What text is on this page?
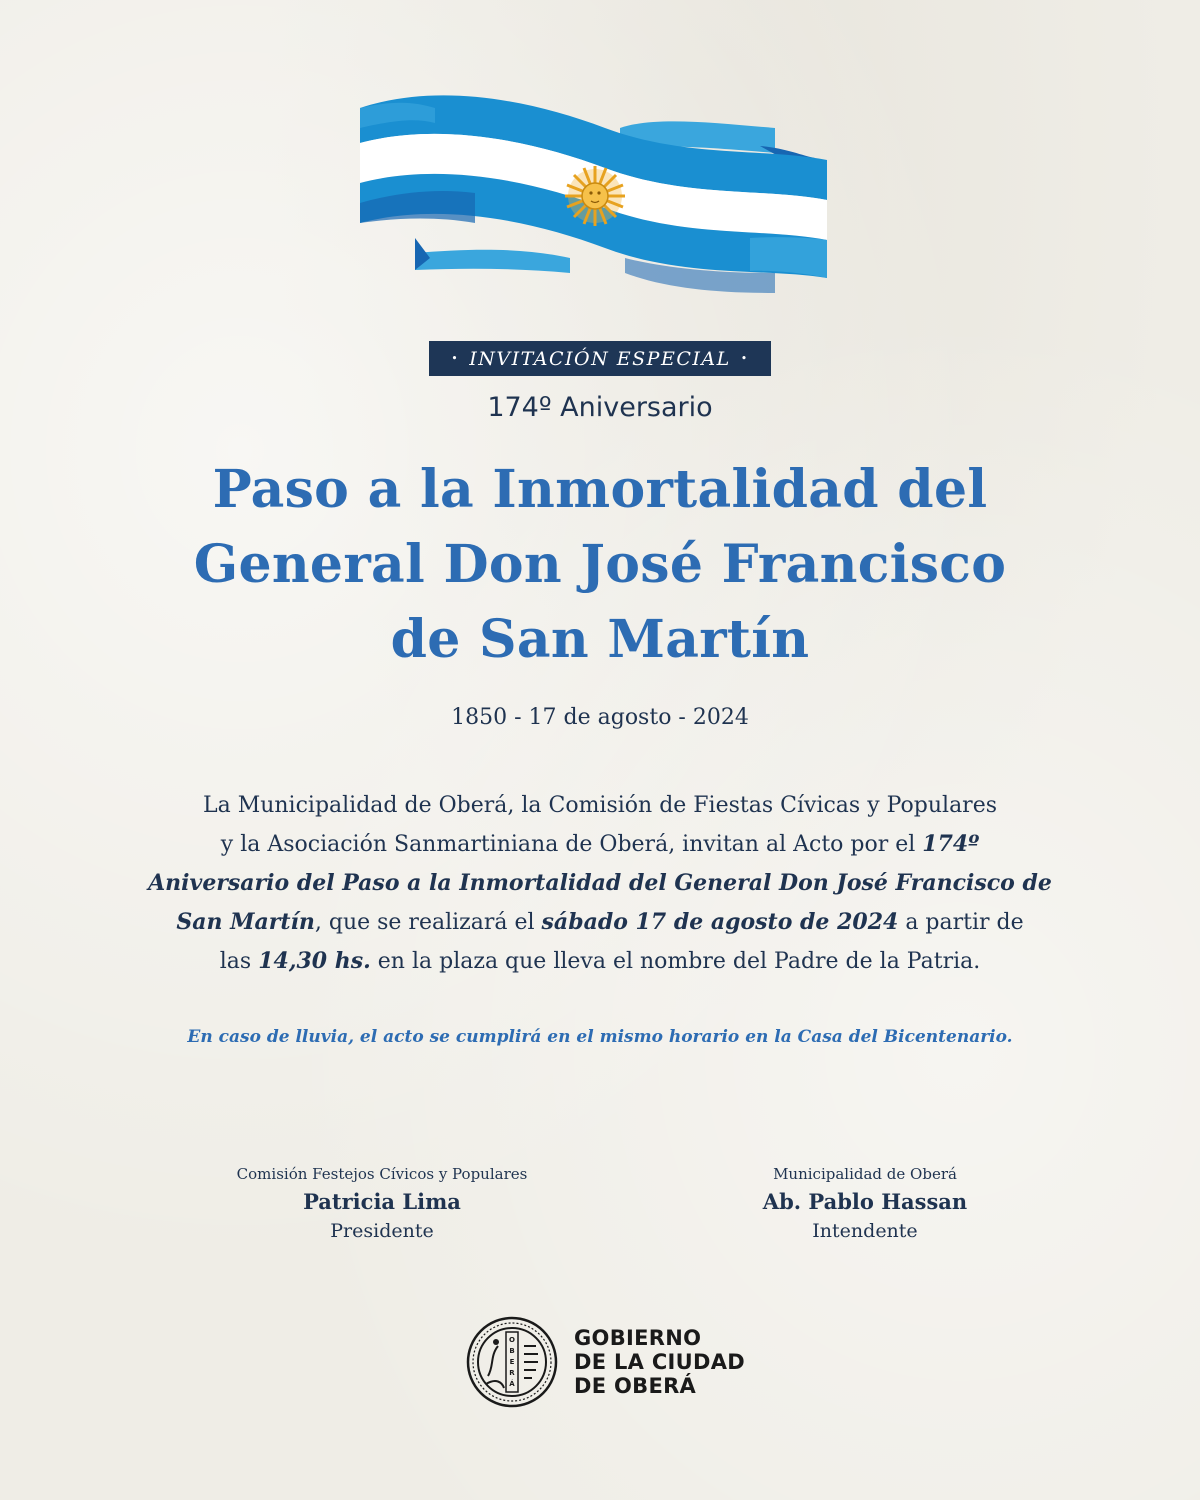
• INVITACIÓN ESPECIAL •
174º Aniversario
Paso a la Inmortalidad del
General Don José Francisco
de San Martín
1850 - 17 de agosto - 2024
La Municipalidad de Oberá, la Comisión de Fiestas Cívicas y Populares
y la Asociación Sanmartiniana de Oberá, invitan al Acto por el 174º
Aniversario del Paso a la Inmortalidad del General Don José Francisco de
San Martín, que se realizará el sábado 17 de agosto de 2024 a partir de
las 14,30 hs. en la plaza que lleva el nombre del Padre de la Patria.
En caso de lluvia, el acto se cumplirá en el mismo horario en la Casa del Bicentenario.
Comisión Festejos Cívicos y Populares
Patricia Lima
Presidente
Municipalidad de Oberá
Ab. Pablo Hassan
Intendente
O
B
E
R
Á
GOBIERNO
DE LA CIUDAD
DE OBERÁ
